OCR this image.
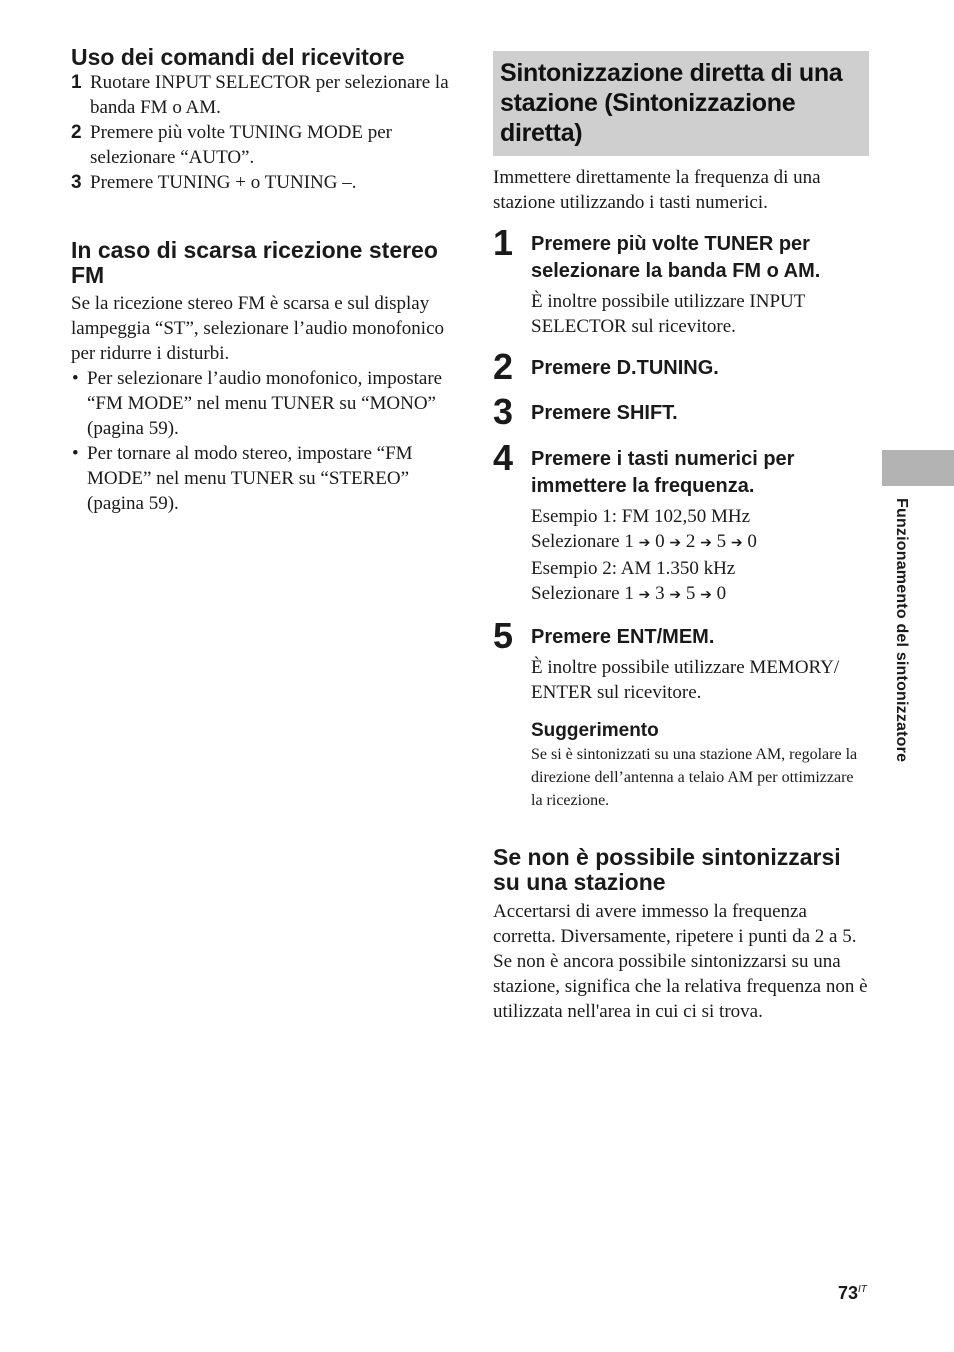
Uso dei comandi del ricevitore
1 Ruotare INPUT SELECTOR per selezionare la banda FM o AM.
2 Premere più volte TUNING MODE per selezionare “AUTO”.
3 Premere TUNING + o TUNING –.
In caso di scarsa ricezione stereo FM

Se la ricezione stereo FM è scarsa e sul display lampeggia “ST”, selezionare l’audio monofonico per ridurre i disturbi.

• Per selezionare l’audio monofonico, impostare “FM MODE” nel menu TUNER su “MONO” (pagina 59).
• Per tornare al modo stereo, impostare “FM MODE” nel menu TUNER su “STEREO” (pagina 59).
Sintonizzazione diretta di una stazione (Sintonizzazione diretta)

Immettere direttamente la frequenza di una stazione utilizzando i tasti numerici.

1 Premere più volte TUNER per selezionare la banda FM o AM.
È inoltre possibile utilizzare INPUT SELECTOR sul ricevitore.
2 Premere D.TUNING.
3 Premere SHIFT.
4 Premere i tasti numerici per immettere la frequenza.
Esempio 1: FM 102,50 MHz
Selezionare 1 ➔ 0 ➔ 2 ➔ 5 ➔ 0
Esempio 2: AM 1.350 kHz
Selezionare 1 ➔ 3 ➔ 5 ➔ 0
5 Premere ENT/MEM.
È inoltre possibile utilizzare MEMORY/ ENTER sul ricevitore.
Suggerimento
Se si è sintonizzati su una stazione AM, regolare la direzione dell’antenna a telaio AM per ottimizzare la ricezione.
Se non è possibile sintonizzarsi su una stazione

Accertarsi di avere immesso la frequenza corretta. Diversamente, ripetere i punti da 2 a 5. Se non è ancora possibile sintonizzarsi su una stazione, significa che la relativa frequenza non è utilizzata nell'area in cui ci si trova.

Funzionamento del sintonizzatore
$73^{IT}$
